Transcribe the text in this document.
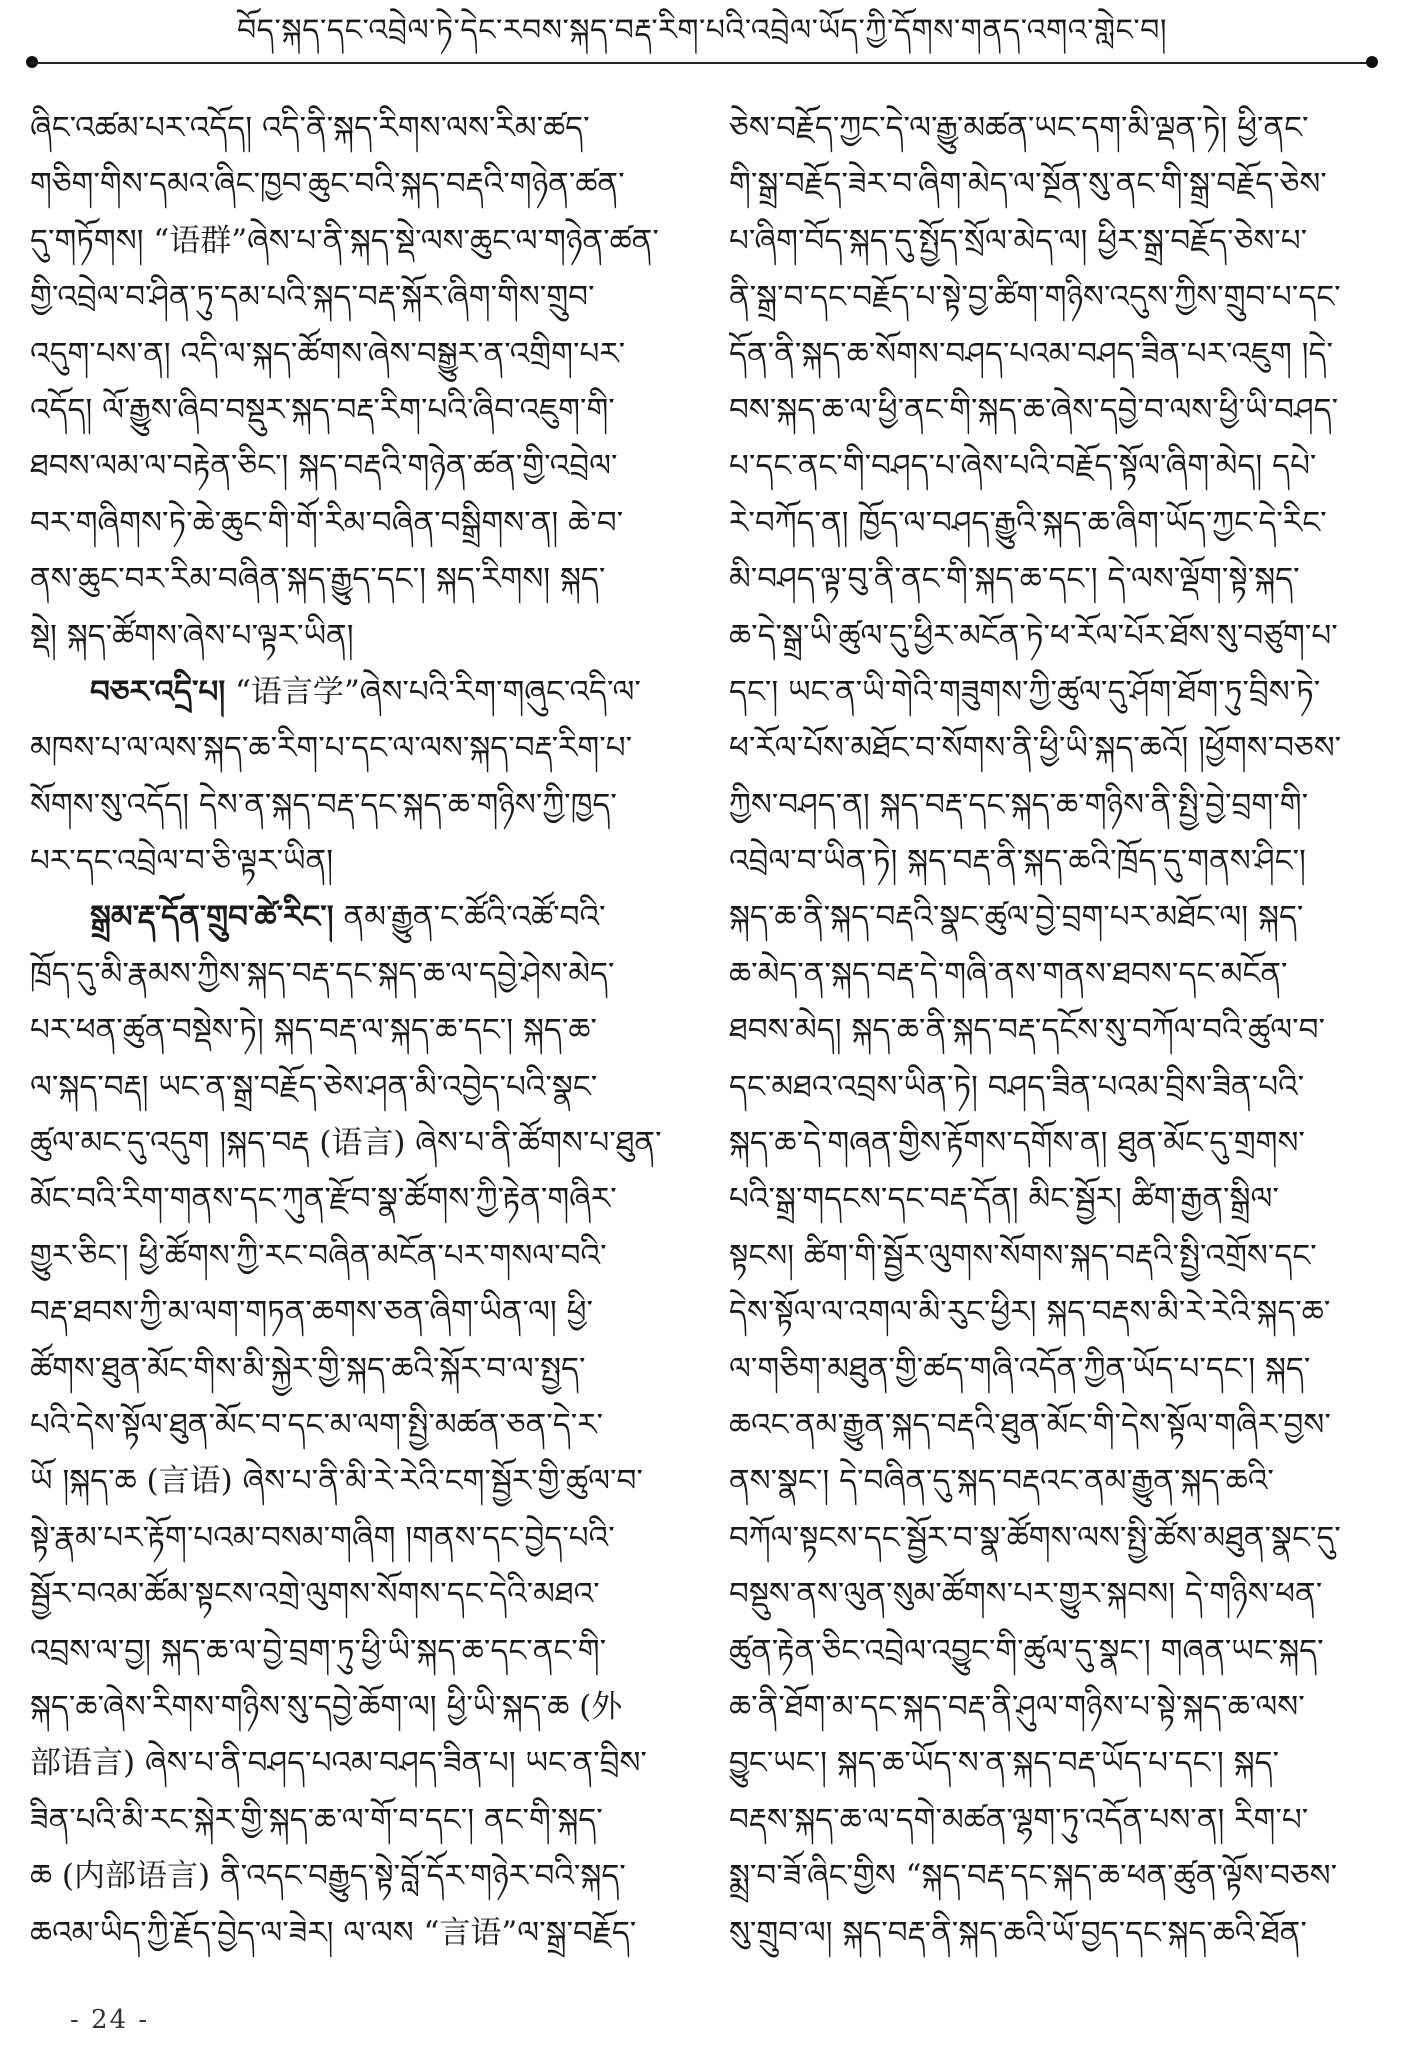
བོད་སྐད་དང་འབྲེལ་ཏེ་དེང་རབས་སྐད་བརྡ་རིག་པའི་འབྲེལ་ཡོད་ཀྱི་དོགས་གནད་འགའ་གླེང་བ།
ཞིང་འཚམ་པར་འདོད། འདི་ནི་སྐད་རིགས་ལས་རིམ་ཚད་
གཅིག་གིས་དམའ་ཞིང་ཁྱབ་ཆུང་བའི་སྐད་བརྡའི་གཉེན་ཚན་
དུ་གཏོགས། “语群”ཞེས་པ་ནི་སྐད་སྡེ་ལས་ཆུང་ལ་གཉེན་ཚན་
གྱི་འབྲེལ་བ་ཤིན་ཏུ་དམ་པའི་སྐད་བརྡ་སྐོར་ཞིག་གིས་གྲུབ་
འདུག་པས་ན། འདི་ལ་སྐད་ཚོགས་ཞེས་བསྒྱུར་ན་འགྲིག་པར་
འདོད། ལོ་རྒྱུས་ཞིབ་བསྡུར་སྐད་བརྡ་རིག་པའི་ཞིབ་འཇུག་གི་
ཐབས་ལམ་ལ་བརྟེན་ཅིང་། སྐད་བརྡའི་གཉེན་ཚན་གྱི་འབྲེལ་
བར་གཞིགས་ཏེ་ཆེ་ཆུང་གི་གོ་རིམ་བཞིན་བསྒྲིགས་ན། ཆེ་བ་
ནས་ཆུང་བར་རིམ་བཞིན་སྐད་རྒྱུད་དང་། སྐད་རིགས། སྐད་
སྡེ། སྐད་ཚོགས་ཞེས་པ་ལྟར་ཡིན།
བཅར་འདྲི་པ། “语言学”ཞེས་པའི་རིག་གཞུང་འདི་ལ་
མཁས་པ་ལ་ལས་སྐད་ཆ་རིག་པ་དང་ལ་ལས་སྐད་བརྡ་རིག་པ་
སོགས་སུ་འདོད། དེས་ན་སྐད་བརྡ་དང་སྐད་ཆ་གཉིས་ཀྱི་ཁྱད་
པར་དང་འབྲེལ་བ་ཅི་ལྟར་ཡིན།
སྒྲམ་རྡ་དོན་གྲུབ་ཚེ་རིང་། ནམ་རྒྱུན་ང་ཚོའི་འཚོ་བའི་
ཁྲོད་དུ་མི་རྣམས་ཀྱིས་སྐད་བརྡ་དང་སྐད་ཆ་ལ་དབྱེ་ཤེས་མེད་
པར་ཕན་ཚུན་བསྡེས་ཏེ། སྐད་བརྡ་ལ་སྐད་ཆ་དང་། སྐད་ཆ་
ལ་སྐད་བརྡ། ཡང་ན་སྒྲ་བརྗོད་ཅེས་ཤན་མི་འབྱེད་པའི་སྣང་
ཚུལ་མང་དུ་འདུག །སྐད་བརྡ (语言) ཞེས་པ་ནི་ཚོགས་པ་ཐུན་
མོང་བའི་རིག་གནས་དང་ཀུན་རྫོབ་སྣ་ཚོགས་ཀྱི་རྟེན་གཞིར་
གྱུར་ཅིང་། ཕྱི་ཚོགས་ཀྱི་རང་བཞིན་མངོན་པར་གསལ་བའི་
བརྡ་ཐབས་ཀྱི་མ་ལག་གཏན་ཆགས་ཅན་ཞིག་ཡིན་ལ། ཕྱི་
ཚོགས་ཐུན་མོང་གིས་མི་སྐྱེར་གྱི་སྐད་ཆའི་སྐོར་བ་ལ་སྤྱད་
པའི་དེས་སྟོལ་ཐུན་མོང་བ་དང་མ་ལག་སྤྱི་མཚན་ཅན་དེ་ར་
ཡོ །སྐད་ཆ (言语) ཞེས་པ་ནི་མི་རེ་རེའི་ངག་སྦྱོར་གྱི་ཚུལ་བ་
སྟེ་རྣམ་པར་རྟོག་པའམ་བསམ་གཞིག །གནས་དང་བྱེད་པའི་
སྦྱོར་བའམ་ཚོམ་སྟངས་འགྲེ་ལུགས་སོགས་དང་དེའི་མཐའ་
འབྲས་ལ་བྱ། སྐད་ཆ་ལ་བྱེ་བྲག་ཏུ་ཕྱི་ཡི་སྐད་ཆ་དང་ནང་གི་
སྐད་ཆ་ཞེས་རིགས་གཉིས་སུ་དབྱེ་ཆོག་ལ། ཕྱི་ཡི་སྐད་ཆ (外
部语言) ཞེས་པ་ནི་བཤད་པའམ་བཤད་ཟིན་པ། ཡང་ན་བྲིས་
ཟིན་པའི་མི་རང་སྐེར་གྱི་སྐད་ཆ་ལ་གོ་བ་དང་། ནང་གི་སྐད་
ཆ (内部语言) ནི་འདང་བརྒྱུད་སྟེ་བློ་དོར་གཉེར་བའི་སྐད་
ཆའམ་ཡིད་ཀྱི་རྗོད་བྱེད་ལ་ཟེར། ལ་ལས “言语”ལ་སྒྲ་བརྗོད་
ཅེས་བརྗོད་ཀྱང་དེ་ལ་རྒྱུ་མཚན་ཡང་དག་མི་ལྡན་ཏེ། ཕྱི་ནང་
གི་སྒྲ་བརྗོད་ཟེར་བ་ཞིག་མེད་ལ་སྔོན་སུ་ནང་གི་སྒྲ་བརྗོད་ཅེས་
པ་ཞིག་བོད་སྐད་དུ་སྤྱོད་སྲོལ་མེད་ལ། ཕྱིར་སྒྲ་བརྗོད་ཅེས་པ་
ནི་སྒྲ་བ་དང་བརྗོད་པ་སྟེ་བྱ་ཚིག་གཉིས་འདུས་ཀྱིས་གྲུབ་པ་དང་
དོན་ནི་སྐད་ཆ་སོགས་བཤད་པའམ་བཤད་ཟིན་པར་འཇུག །དེ་
བས་སྐད་ཆ་ལ་ཕྱི་ནང་གི་སྐད་ཆ་ཞེས་དབྱེ་བ་ལས་ཕྱི་ཡི་བཤད་
པ་དང་ནང་གི་བཤད་པ་ཞེས་པའི་བརྗོད་སྟོལ་ཞིག་མེད། དཔེ་
རེ་བཀོད་ན། ཁྱོད་ལ་བཤད་རྒྱུའི་སྐད་ཆ་ཞིག་ཡོད་ཀྱང་དེ་རིང་
མི་བཤད་ལྟ་བུ་ནི་ནང་གི་སྐད་ཆ་དང་། དེ་ལས་ལྡོག་སྟེ་སྐད་
ཆ་དེ་སྒྲ་ཡི་ཚུལ་དུ་ཕྱིར་མངོན་ཏེ་ཕ་རོལ་པོར་ཐོས་སུ་བཙུག་པ་
དང་། ཡང་ན་ཡི་གེའི་གཟུགས་ཀྱི་ཚུལ་དུ་ཤོག་ཐོག་ཏུ་བྲིས་ཏེ་
ཕ་རོལ་པོས་མཐོང་བ་སོགས་ནི་ཕྱི་ཡི་སྐད་ཆའོ། །ཕྱོགས་བཅས་
ཀྱིས་བཤད་ན། སྐད་བརྡ་དང་སྐད་ཆ་གཉིས་ནི་སྤྱི་བྱེ་བྲག་གི་
འབྲེལ་བ་ཡིན་ཏེ། སྐད་བརྡ་ནི་སྐད་ཆའི་ཁྲོད་དུ་གནས་ཤིང་།
སྐད་ཆ་ནི་སྐད་བརྡའི་སྣང་ཚུལ་བྱེ་བྲག་པར་མཐོང་ལ། སྐད་
ཆ་མེད་ན་སྐད་བརྡ་དེ་གཞི་ནས་གནས་ཐབས་དང་མངོན་
ཐབས་མེད། སྐད་ཆ་ནི་སྐད་བརྡ་དངོས་སུ་བཀོལ་བའི་ཚུལ་བ་
དང་མཐའ་འབྲས་ཡིན་ཏེ། བཤད་ཟིན་པའམ་བྲིས་ཟིན་པའི་
སྐད་ཆ་དེ་གཞན་གྱིས་རྟོགས་དགོས་ན། ཐུན་མོང་དུ་གྲགས་
པའི་སྒྲ་གདངས་དང་བརྡ་དོན། མིང་སྦྱོར། ཚིག་རྒྱན་སྒྲིལ་
སྟངས། ཚིག་གི་སྦྱོར་ལུགས་སོགས་སྐད་བརྡའི་སྤྱི་འགྲོས་དང་
དེས་སྟོལ་ལ་འགལ་མི་རུང་ཕྱིར། སྐད་བརྡས་མི་རེ་རེའི་སྐད་ཆ་
ལ་གཅིག་མཐུན་གྱི་ཚད་གཞི་འདོན་ཀྱིན་ཡོད་པ་དང་། སྐད་
ཆའང་ནམ་རྒྱུན་སྐད་བརྡའི་ཐུན་མོང་གི་དེས་སྟོལ་གཞིར་བྱས་
ནས་སྣང་། དེ་བཞིན་དུ་སྐད་བརྡའང་ནམ་རྒྱུན་སྐད་ཆའི་
བཀོལ་སྟངས་དང་སྦྱོར་བ་སྣ་ཚོགས་ལས་སྤྱི་ཚོས་མཐུན་སྣང་དུ་
བསྡུས་ནས་ལུན་སུམ་ཚོགས་པར་གྱུར་སྐབས། དེ་གཉིས་ཕན་
ཚུན་རྟེན་ཅིང་འབྲེལ་འབྱུང་གི་ཚུལ་དུ་སྣང་། གཞན་ཡང་སྐད་
ཆ་ནི་ཐོག་མ་དང་སྐད་བརྡ་ནི་ཤུལ་གཉིས་པ་སྟེ་སྐད་ཆ་ལས་
བྱུང་ཡང་། སྐད་ཆ་ཡོད་ས་ན་སྐད་བརྡ་ཡོད་པ་དང་། སྐད་
བརྡས་སྐད་ཆ་ལ་དགེ་མཚན་ལྷག་ཏུ་འདོན་པས་ན། རིག་པ་
སྨྲ་བ་ཟོ་ཞིང་གྱིས “སྐད་བརྡ་དང་སྐད་ཆ་ཕན་ཚུན་ལྟོས་བཅས་
སུ་གྲུབ་ལ། སྐད་བརྡ་ནི་སྐད་ཆའི་ཡོ་བྱད་དང་སྐད་ཆའི་ཐོན་
- 24 -
